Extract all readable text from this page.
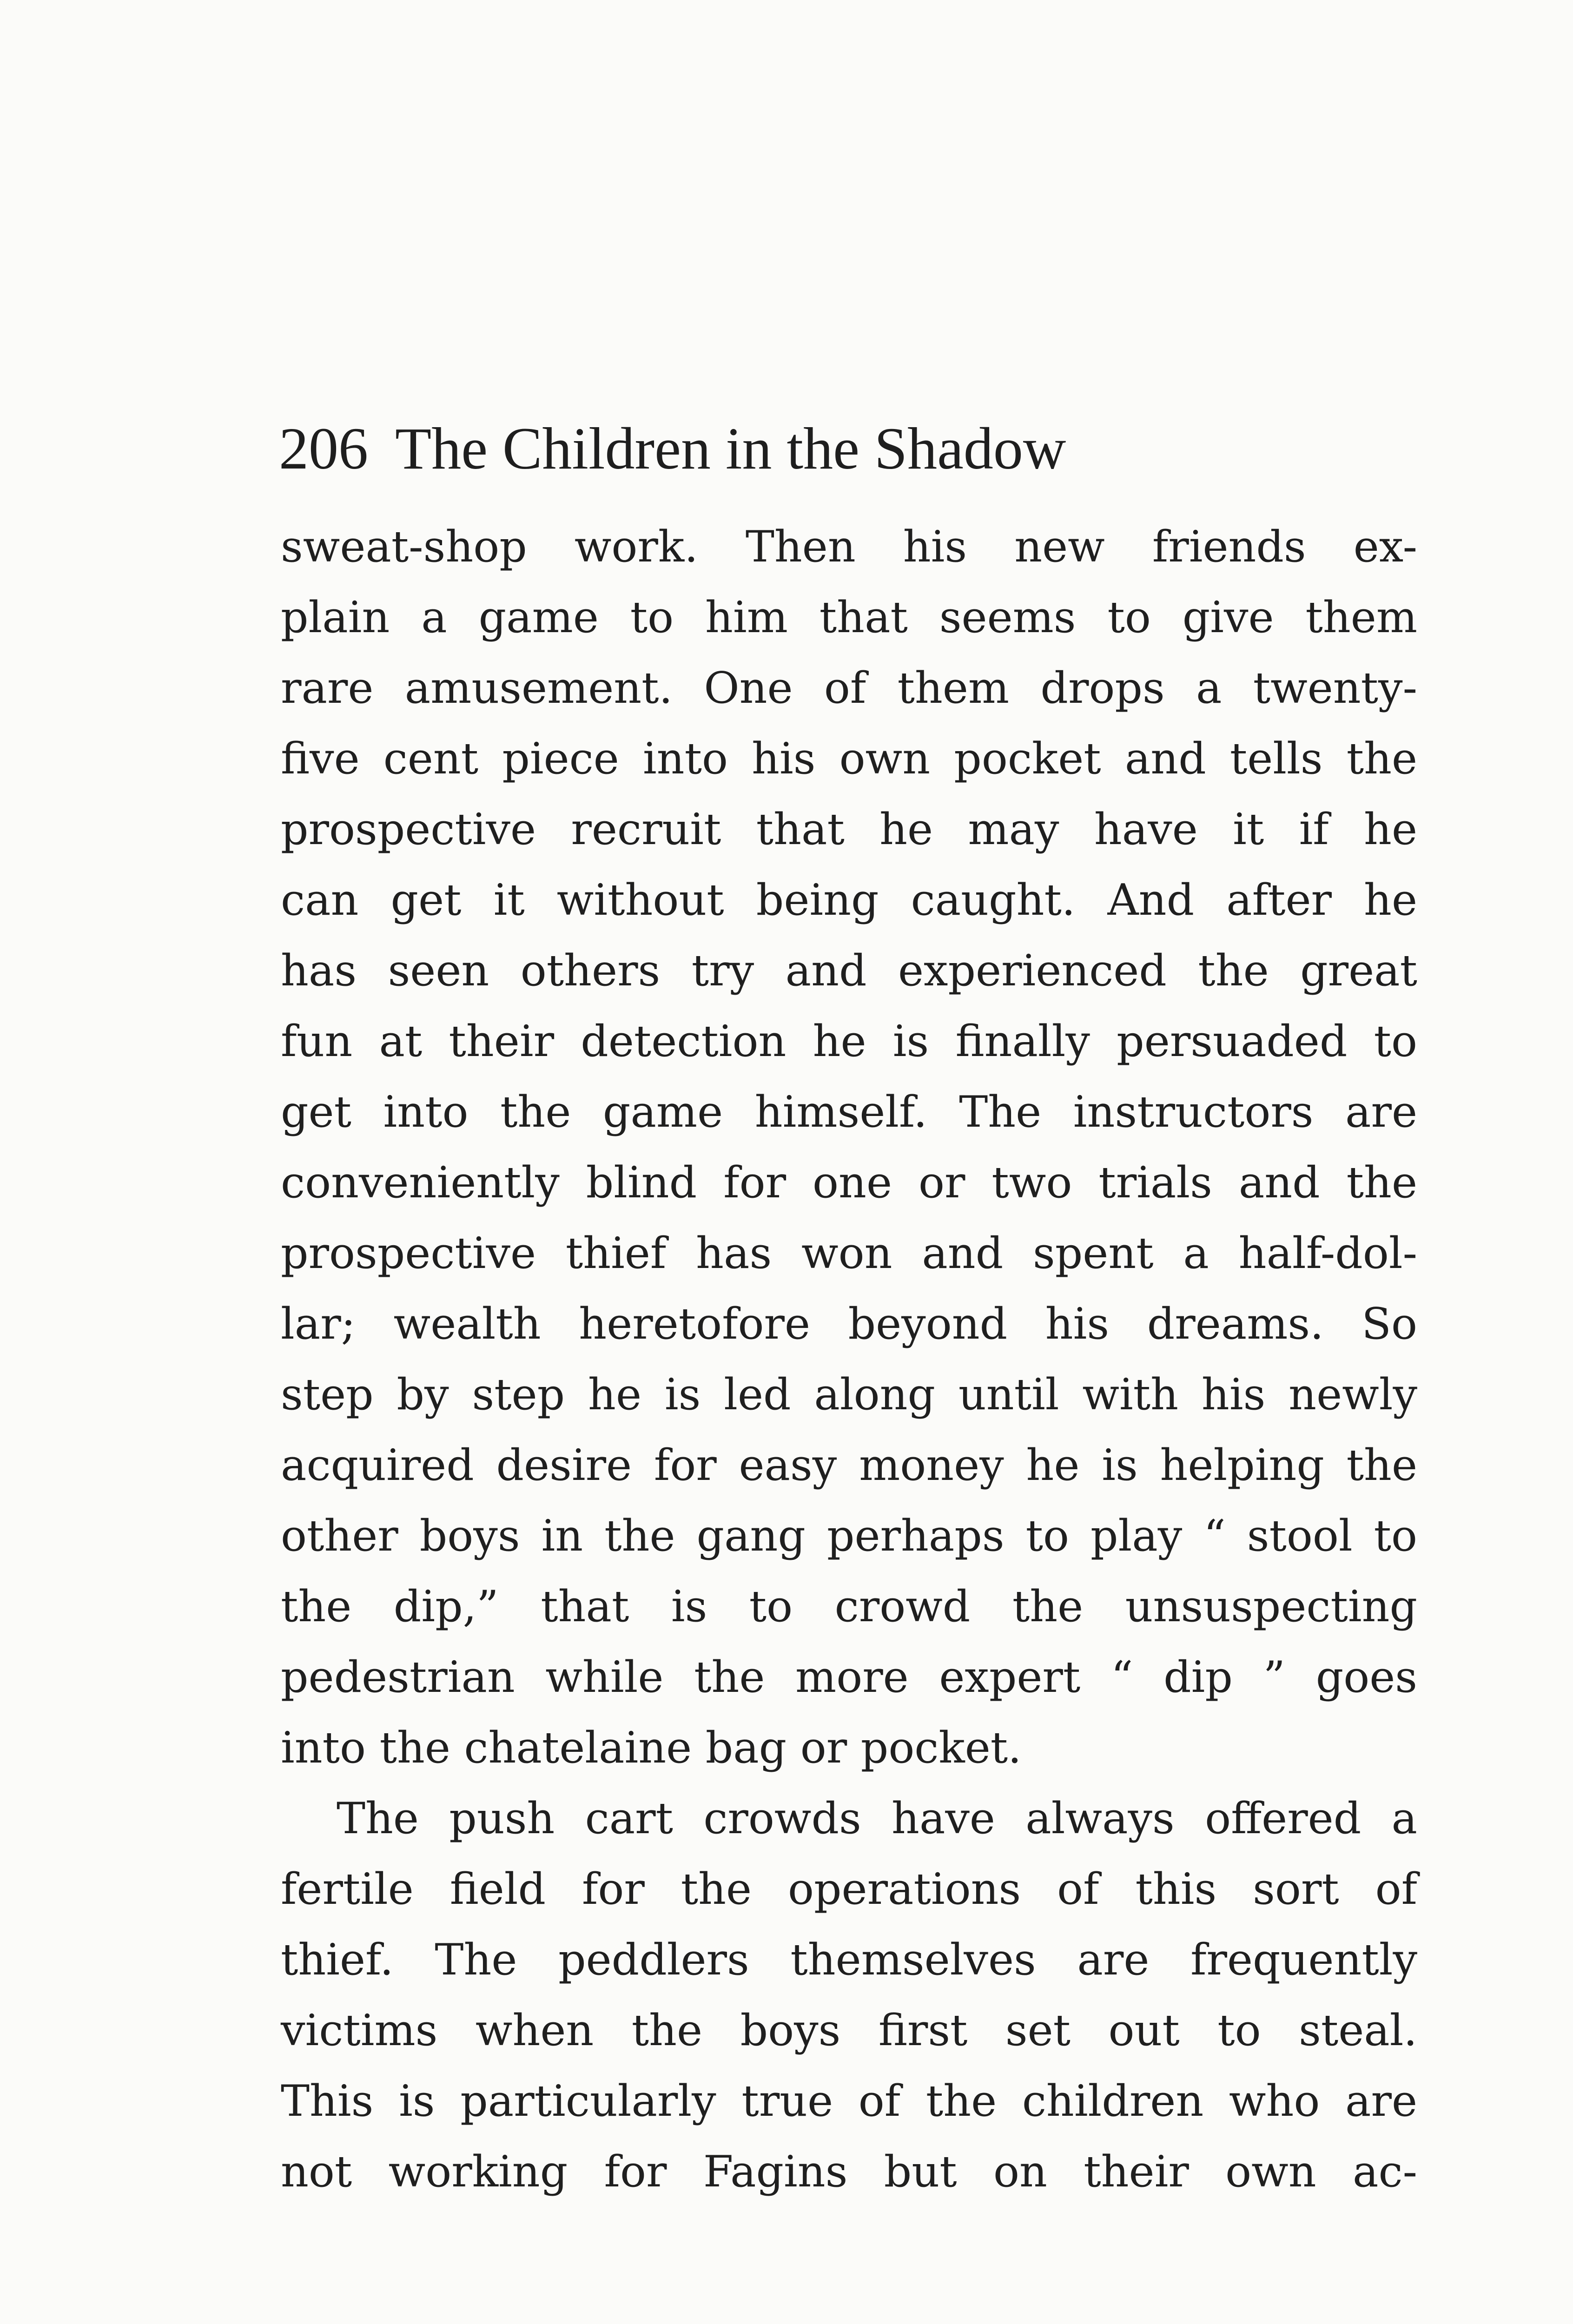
206 The Children in the Shadow
sweat-shop work. Then his new friends ex-
plain a game to him that seems to give them
rare amusement. One of them drops a twenty-
five cent piece into his own pocket and tells the
prospective recruit that he may have it if he
can get it without being caught. And after he
has seen others try and experienced the great
fun at their detection he is finally persuaded to
get into the game himself. The instructors are
conveniently blind for one or two trials and the
prospective thief has won and spent a half-dol-
lar; wealth heretofore beyond his dreams. So
step by step he is led along until with his newly
acquired desire for easy money he is helping the
other boys in the gang perhaps to play “ stool to
the dip,” that is to crowd the unsuspecting
pedestrian while the more expert “ dip ” goes
into the chatelaine bag or pocket.
The push cart crowds have always offered a
fertile field for the operations of this sort of
thief. The peddlers themselves are frequently
victims when the boys first set out to steal.
This is particularly true of the children who are
not working for Fagins but on their own ac-
